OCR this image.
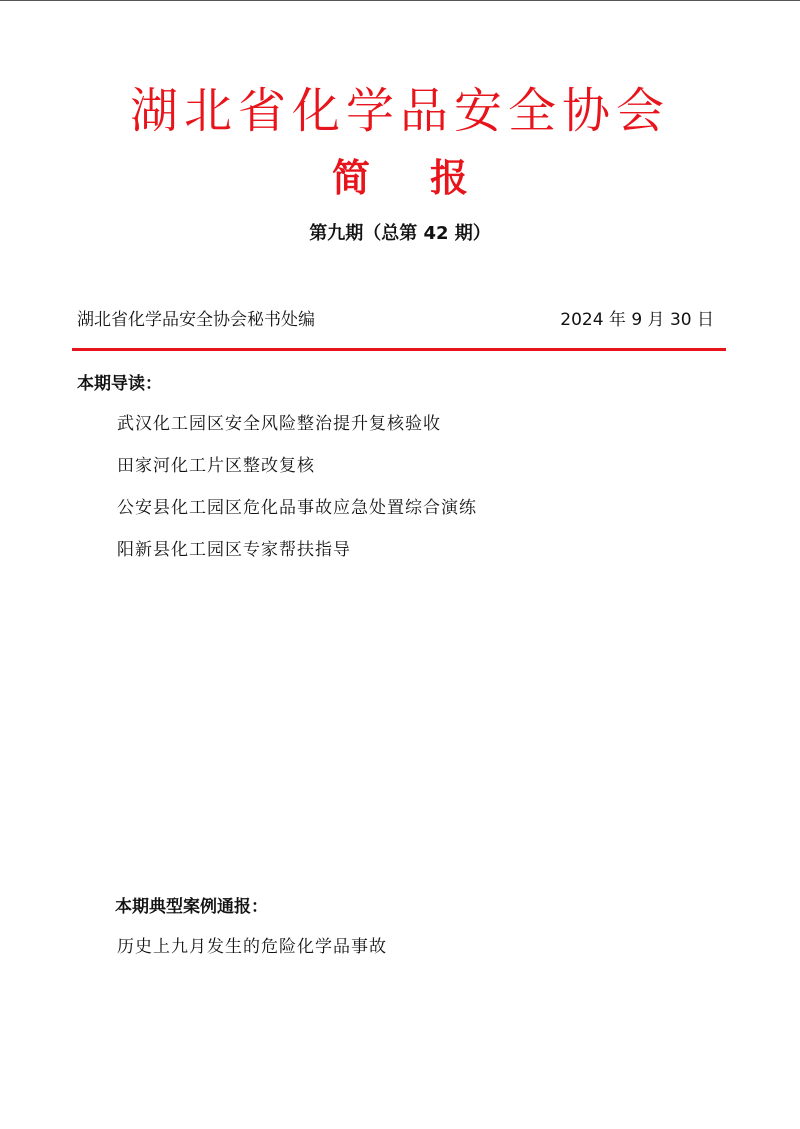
湖北省化学品安全协会
简 报
第九期（总第 42 期）
湖北省化学品安全协会秘书处编	2024 年 9 月 30 日
本期导读：
武汉化工园区安全风险整治提升复核验收
田家河化工片区整改复核
公安县化工园区危化品事故应急处置综合演练
阳新县化工园区专家帮扶指导
本期典型案例通报：
历史上九月发生的危险化学品事故
